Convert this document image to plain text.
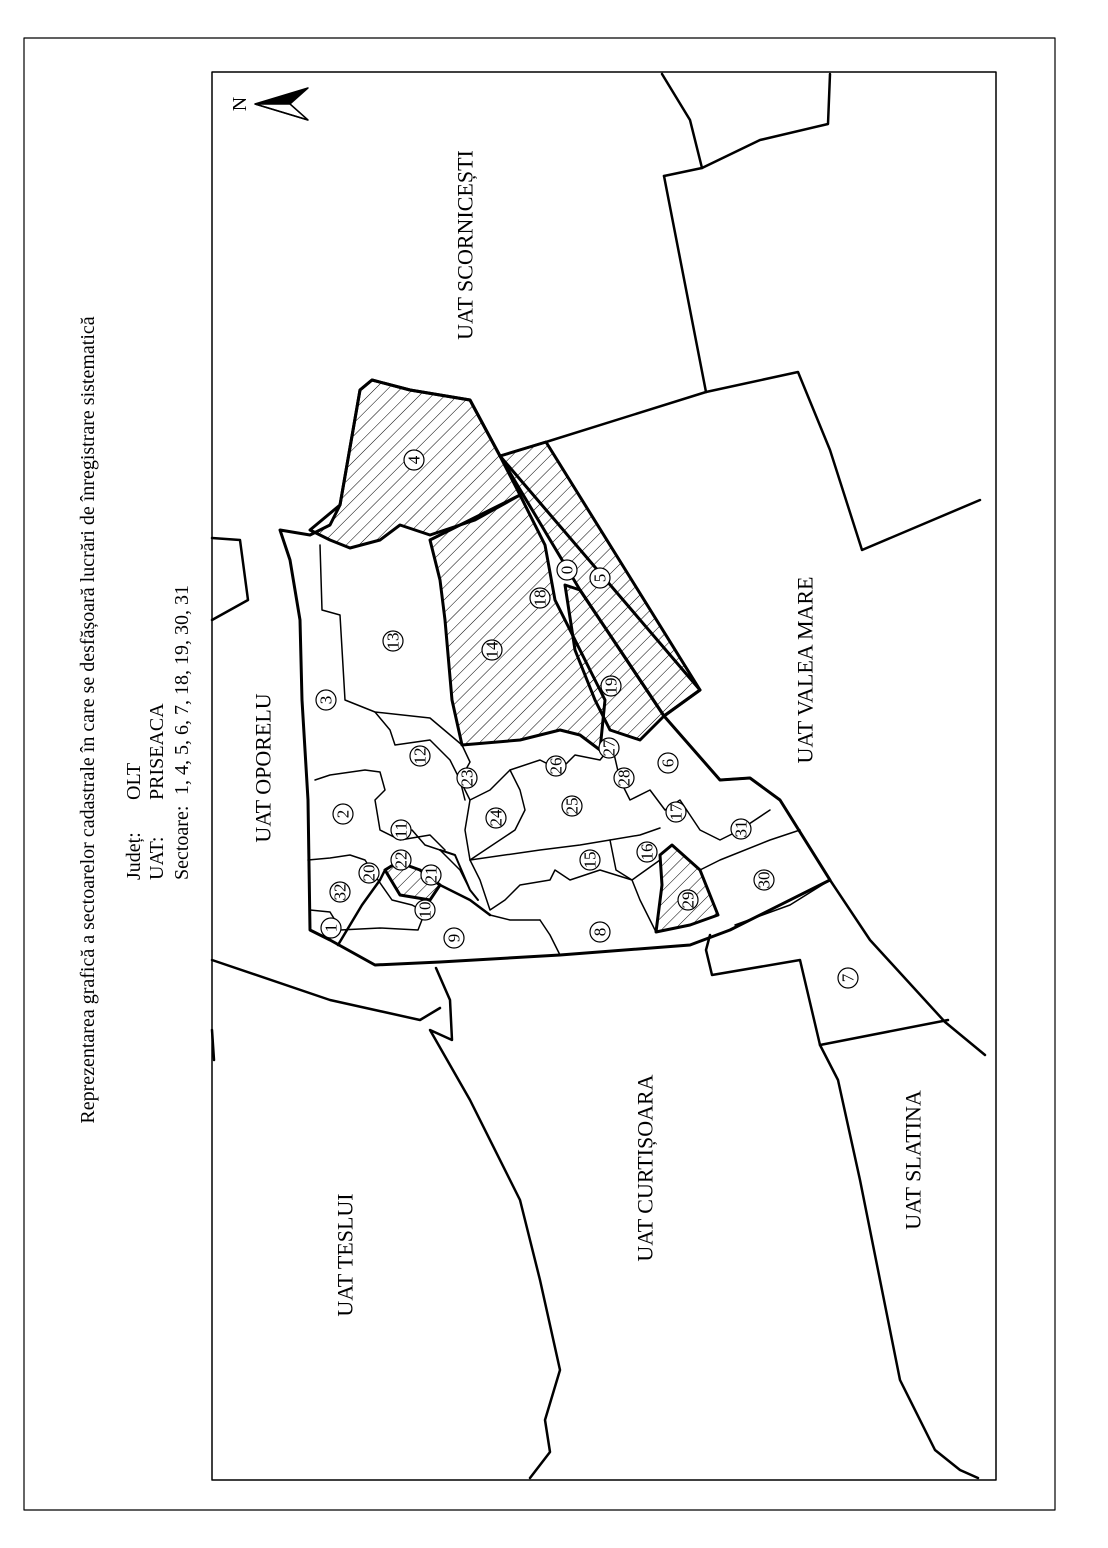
N
Reprezentarea grafică a sectoarelor cadastrale în care se desfășoară lucrări de înregistrare sistematică Județ:
OLT
UAT:
PRISEACA
Sectoare:
1, 4, 5, 6, 7, 18, 19, 30, 31
UAT SCORNICEȘTI
UAT OPORELU
UAT VALEA MARE
UAT TESLUI	UAT CURTIȘOARA	UAT SLATINA
0
1
2
3
4
5
6
7
8
9
10
11
12
13
14
15 16
17
18
19
20	21
22
23
24
25
26
27
28
29
30
31
32
